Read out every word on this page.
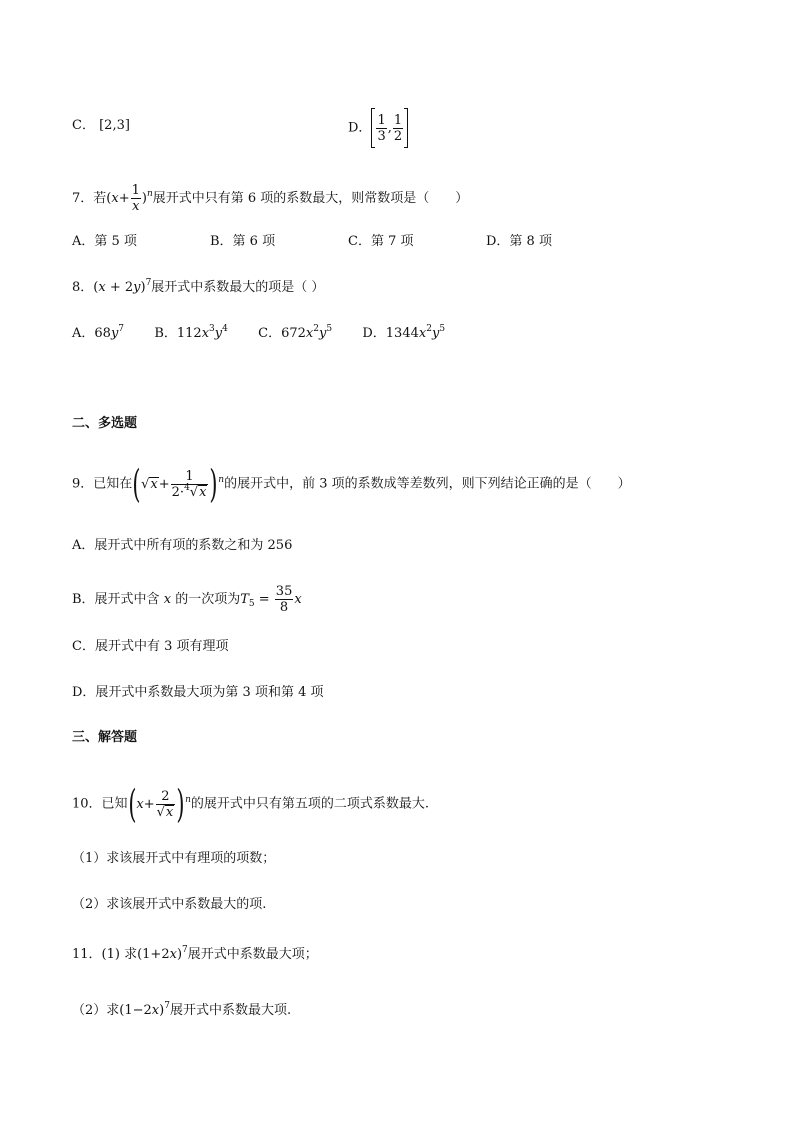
C． [2,3]	D． $\frac{1}{3}$ , $\frac{1}{2}$
7．若$(x+ \frac{1}{x} )^n$展开式中只有第 6 项的系数最大，则常数项是（　　）
A．第 5 项	B．第 6 项	C．第 7 项	D．第 8 项
8．$(x + 2y)^7$展开式中系数最大的项是（ ）
A．$68y^7$ B．$112x^3y^4$ C．$672x^2y^5$ D．$1344x^2y^5$
二、多选题
9．已知在$(√x+ \frac{1}{2\cdot^4√x} )^n$的展开式中，前 3 项的系数成等差数列，则下列结论正确的是（　　）
A．展开式中所有项的系数之和为 256
B．展开式中含 x 的一次项为$T_5 = \frac{35}{8}$ x
C．展开式中有 3 项有理项
D．展开式中系数最大项为第 3 项和第 4 项
三、解答题
10．已知$(x+ \frac{2}{√x} )^n$的展开式中只有第五项的二项式系数最大.
（1）求该展开式中有理项的项数；
（2）求该展开式中系数最大的项.
11．(1) 求$(1+2x)^7$展开式中系数最大项；
（2）求$(1-2x)^7$展开式中系数最大项.
